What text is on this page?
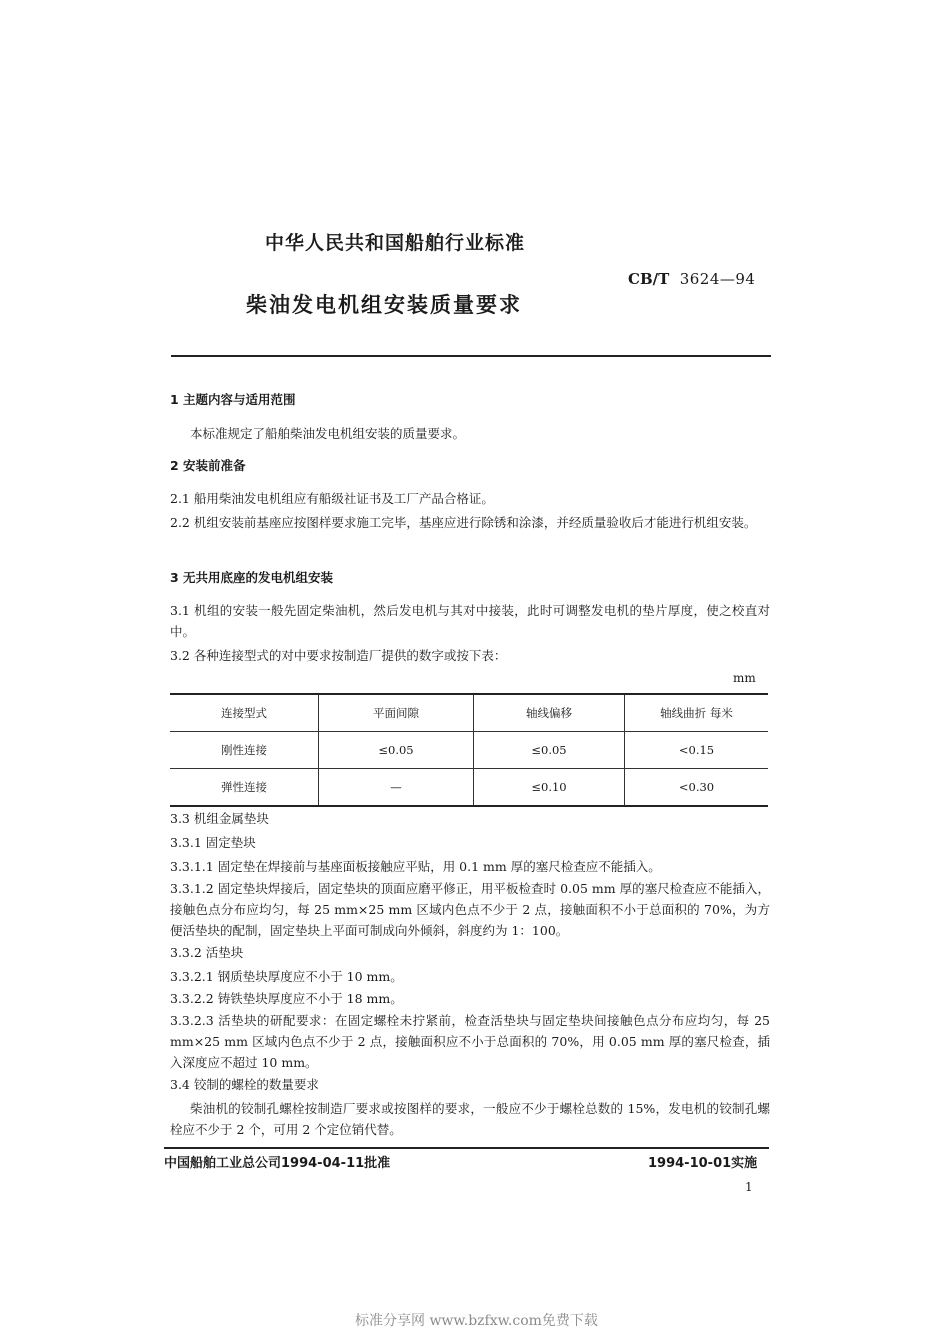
中华人民共和国船舶行业标准
CB/T 3624—94
柴油发电机组安装质量要求
1 主题内容与适用范围
本标准规定了船舶柴油发电机组安装的质量要求。
2 安装前准备
2.1 船用柴油发电机组应有船级社证书及工厂产品合格证。
2.2 机组安装前基座应按图样要求施工完毕，基座应进行除锈和涂漆，并经质量验收后才能进行机组安装。
3 无共用底座的发电机组安装
3.1 机组的安装一般先固定柴油机，然后发电机与其对中接装，此时可调整发电机的垫片厚度，使之校直对中。
3.2 各种连接型式的对中要求按制造厂提供的数字或按下表：
mm
连接型式	平面间隙	轴线偏移	轴线曲折 每米
刚性连接	≤0.05	≤0.05	<0.15
弹性连接	—	≤0.10	<0.30
3.3 机组金属垫块
3.3.1 固定垫块
3.3.1.1 固定垫在焊接前与基座面板接触应平贴，用 0.1 mm 厚的塞尺检查应不能插入。
3.3.1.2 固定垫块焊接后，固定垫块的顶面应磨平修正，用平板检查时 0.05 mm 厚的塞尺检查应不能插入，接触色点分布应均匀，每 25 mm×25 mm 区域内色点不少于 2 点，接触面积不小于总面积的 70%，为方便活垫块的配制，固定垫块上平面可制成向外倾斜，斜度约为 1：100。
3.3.2 活垫块
3.3.2.1 钢质垫块厚度应不小于 10 mm。
3.3.2.2 铸铁垫块厚度应不小于 18 mm。
3.3.2.3 活垫块的研配要求：在固定螺栓未拧紧前，检查活垫块与固定垫块间接触色点分布应均匀，每 25 mm×25 mm 区域内色点不少于 2 点，接触面积应不小于总面积的 70%，用 0.05 mm 厚的塞尺检查，插入深度应不超过 10 mm。
3.4 铰制的螺栓的数量要求
柴油机的铰制孔螺栓按制造厂要求或按图样的要求，一般应不少于螺栓总数的 15%，发电机的铰制孔螺栓应不少于 2 个，可用 2 个定位销代替。
中国船舶工业总公司1994-04-11批准	1994-10-01实施
1
标准分享网 www.bzfxw.com免费下载
